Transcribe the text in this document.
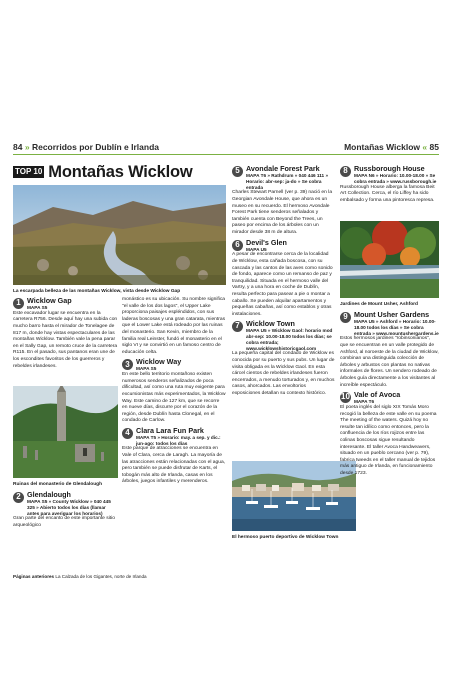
84 » Recorridos por Dublín e Irlanda	Montañas Wicklow « 85
TOP 10 Montañas Wicklow
La escarpada belleza de las montañas Wicklow, vista desde Wicklow Gap
1 Wicklow Gap
MAPA S5

Este excavador lugar se encuentra en la carretera R756. Desde aquí hay una subida con mucho barro hasta el mirador de Tonelagee de 817 m, donde hay vistas espectaculares de las montañas Wicklow. También vale la pena parar en el Sally Gap, un remoto cruce de la carretera R115. En el pasado, sus pantanos eran une de los escondites favoritos de los guerreros y rebeldes irlandeses.

Ruinas del monasterio de Glendalough
2 Glendalough
MAPA S5 » County Wicklow » 040 445 325 » Abierto todos los días (llamar antes para averiguar los horarios)

Gran parte del encanto de este importante sitio arqueológico

monástico es su ubicación. Su nombre significa "el valle de los dos lagos", el Upper Lake proporciona paisajes espléndidos, con sus laderas boscosas y una gran catarata, mientras que el Lower Lake está rodeado por las ruinas del monasterio. San Kevin, miembro de la familia real Leinster, fundó el monasterio en el siglo VI y se convirtió en un famoso centro de educación celta.

3 Wicklow Way
MAPA S5

En este bello territorio montañoso existen numerosos senderos señalizados de poca dificultad, así como una ruta muy exigente para excursionistas más experimentados, la Wicklow Way. Este camino de 127 km, que se recorre en nueve días, discurre por el corazón de la región, desde Dublín hasta Clonegal, en el condado de Carlow.

4 Clara Lara Fun Park
MAPA T5 » Horario: may. a sep. y dic.: jun-ago: todos los días

Este parque de atracciones se encuentra en Vale of Clara, cerca de Laragh. La mayoría de las atracciones están relacionadas con el agua, pero también se puede disfrutar de Karts, el tobogán más alto de Irlanda, casas en los árboles, juegos infantiles y merenderos.

5 Avondale Forest Park
MAPA T6 » Rathdrum » 040 446 111 » Horario: abr-sep: ja-do » Se cobra entrada

Charles Stewart Parnell (ver p. 39) nació en la Georgian Avondale House, que ahora es un museo en su recuerdo. El hermoso Avondale Forest Park tiene senderos señalados y también cuenta con Beyond the Trees, un paseo por encima de los árboles con un mirador desde 38 m de altura.

6 Devil's Glen
MAPA U5

A pesar de encontrarse cerca de la localidad de Wicklow, esta cañada boscosa, con su cascada y las cantos de las aves como sonido de fondo, aparece como un remanso de paz y tranquilidad. Situada en el hermoso valle del Vartry, y a una hora en coche de Dublín, resulta perfecto para pasear a pie o montar a caballo. Se pueden alquilar apartamentos y pequeñas cabañas, así como establos y otras instalaciones.

7 Wicklow Town
MAPA U5 » Wicklow Gaol: horario mod abr-sep: 10.00-18.00 todos los días; se cobra entrada; www.wicklowshistoricgaol.com

La pequeña capital del condado de Wicklow es conocida por su puerto y sus pubs. Un lugar de visita obligada es la Wicklow Gaol. En esta cárcel cientos de rebeldes irlandeses fueron encerrados, a menudo torturados y, en muchos casos, ahorcados. Las envoltorios exposiciones detallan su contexto histórico.

El hermoso puerto deportivo de Wicklow Town
8 Russborough House
MAPA N6 » Horario: 10.00-18.00 » Se cobra entrada » www.russborough.ie

Russborough House alberga la famosa Beit Art Collection. Cerca, el río Liffey ha sido embalsado y forma una pintoresca represa.

Jardines de Mount Usher, Ashford
9 Mount Usher Gardens
MAPA U5 » Ashford » Horario: 10.00-18.00 todos los días » Se cobra entrada » www.mountushergardens.ie

Estos hermosos jardines "robinsonianos", que se encuentran en un valle protegido de Ashford, al noroeste de la ciudad de Wicklow, combinan una distinguida colección de árboles y arbustos con plantas no nativas informales de flores. Un sendero rodeado de árboles guía directamente a los visitantes al increíble espectáculo.

10 Vale of Avoca
MAPA T6

El poeta inglés del siglo XIX Tomás Moro recogió la belleza de este valle en su poema The meeting of the waters. Quizá hoy no resulte tan idílico como entonces, pero la confluencia de los ríos rojizos entre las colinas boscosas sigue resultando interesante. El taller Avoca Handweavers, situado en un pueblo cercano (ver p. 79), fabrica tweeds en el taller manual de tejidos más antiguo de Irlanda, en funcionamiento desde 1723.

Páginas anteriores La Calzada de los Gigantes, norte de Irlanda
